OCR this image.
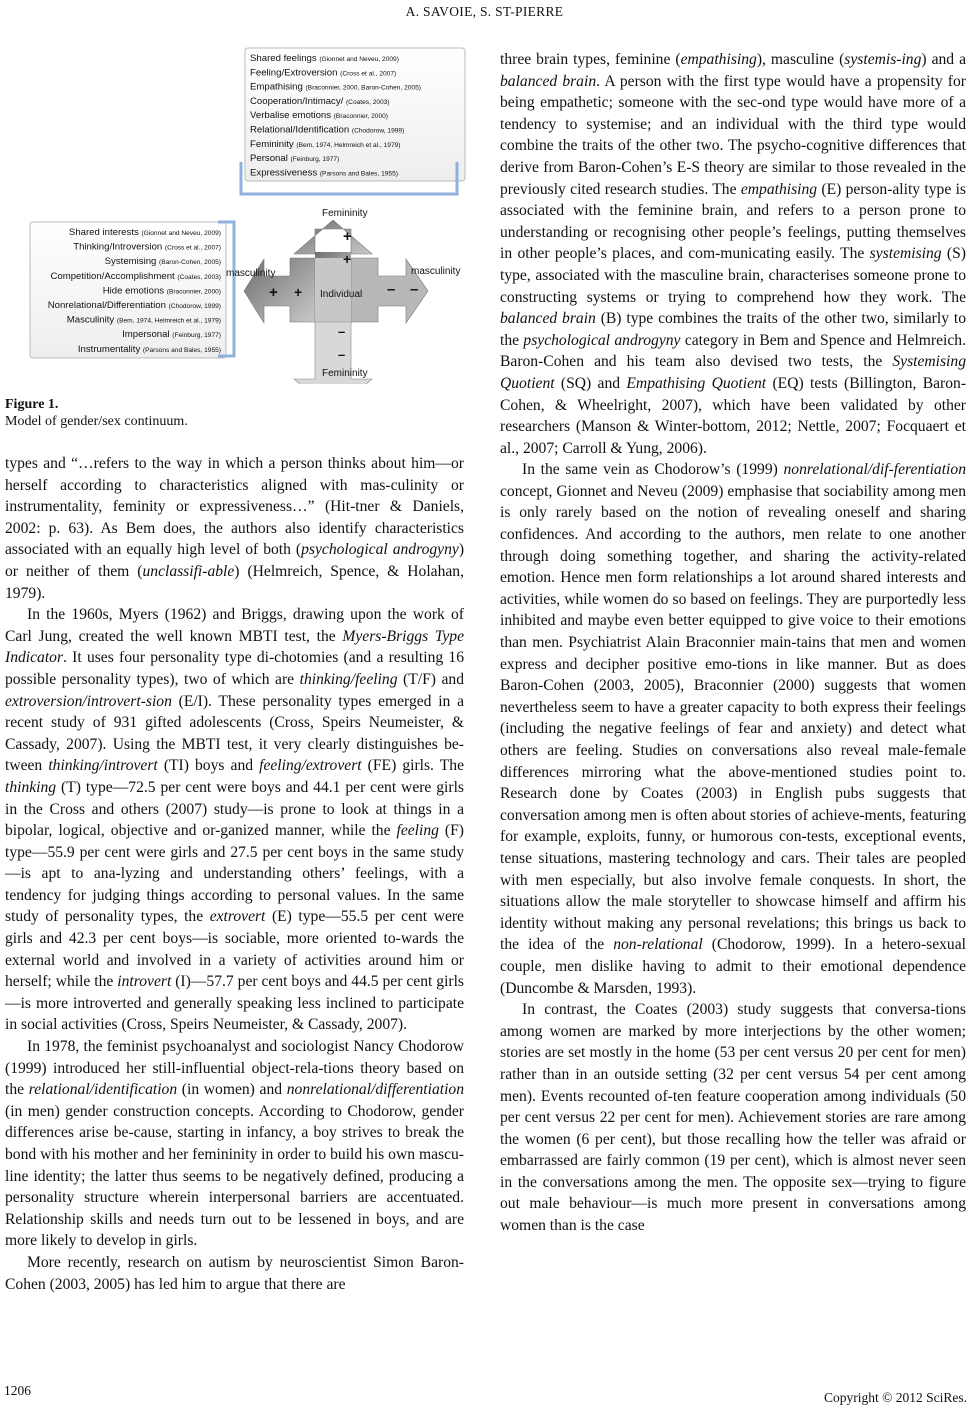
A. SAVOIE, S. ST-PIERRE
Shared feelings (Gionnet and Neveu, 2009)
Feeling/Extroversion (Cross et al., 2007)
Empathising (Braconnier, 2000, Baron-Cohen, 2005)
Cooperation/Intimacy/ (Coates, 2003)
Verbalise emotions (Braconnier, 2000)
Relational/Identification (Chodorow, 1999)
Femininity (Bem, 1974, Helmreich et al., 1979)
Personal (Feinburg, 1977)
Expressiveness (Parsons and Bales, 1955)
Shared interests (Gionnet and Neveu, 2009)
Thinking/Introversion (Cross et al., 2007)
Systemising (Baron-Cohen, 2005)
Competition/Accomplishment (Coates, 2003)
Hide emotions (Braconnier, 2000)
Nonrelational/Differentiation (Chodorow, 1999)
Masculinity (Bem, 1974, Helmreich et al., 1979)
Impersonal (Feinburg, 1977)
Instrumentality (Parsons and Bales, 1955)
Femininity
masculinity	masculinity
Individual
+
+
+ +	– –
–
–
Femininity
Figure 1.
Model of gender/sex continuum.

types and “…refers to the way in which a person thinks about him—or herself according to characteristics aligned with mas-culinity or instrumentality, feminity or expressiveness…” (Hit-tner & Daniels, 2002: p. 63). As Bem does, the authors also identify characteristics associated with an equally high level of both (psychological androgyny) or neither of them (unclassifi-able) (Helmreich, Spence, & Holahan, 1979).

In the 1960s, Myers (1962) and Briggs, drawing upon the work of Carl Jung, created the well known MBTI test, the Myers-Briggs Type Indicator. It uses four personality type di-chotomies (and a resulting 16 possible personality types), two of which are thinking/feeling (T/F) and extroversion/introvert-sion (E/I). These personality types emerged in a recent study of 931 gifted adolescents (Cross, Speirs Neumeister, & Cassady, 2007). Using the MBTI test, it very clearly distinguishes be-tween thinking/introvert (TI) boys and feeling/extrovert (FE) girls. The thinking (T) type—72.5 per cent were boys and 44.1 per cent were girls in the Cross and others (2007) study—is prone to look at things in a bipolar, logical, objective and or-ganized manner, while the feeling (F) type—55.9 per cent were girls and 27.5 per cent boys in the same study—is apt to ana-lyzing and understanding others’ feelings, with a tendency for judging things according to personal values. In the same study of personality types, the extrovert (E) type—55.5 per cent were girls and 42.3 per cent boys—is sociable, more oriented to-wards the external world and involved in a variety of activities around him or herself; while the introvert (I)—57.7 per cent boys and 44.5 per cent girls—is more introverted and generally speaking less inclined to participate in social activities (Cross, Speirs Neumeister, & Cassady, 2007).

In 1978, the feminist psychoanalyst and sociologist Nancy Chodorow (1999) introduced her still-influential object-rela-tions theory based on the relational/identification (in women) and nonrelational/differentiation (in men) gender construction concepts. According to Chodorow, gender differences arise be-cause, starting in infancy, a boy strives to break the bond with his mother and her femininity in order to build his own mascu-line identity; the latter thus seems to be negatively defined, producing a personality structure wherein interpersonal barriers are accentuated. Relationship skills and needs turn out to be lessened in boys, and are more likely to develop in girls.

More recently, research on autism by neuroscientist Simon Baron-Cohen (2003, 2005) has led him to argue that there are

three brain types, feminine (empathising), masculine (systemis-ing) and a balanced brain. A person with the first type would have a propensity for being empathetic; someone with the sec-ond type would have more of a tendency to systemise; and an individual with the third type would combine the traits of the other two. The psycho-cognitive differences that derive from Baron-Cohen’s E-S theory are similar to those revealed in the previously cited research studies. The empathising (E) person-ality type is associated with the feminine brain, and refers to a person prone to understanding or recognising other people’s feelings, putting themselves in other people’s places, and com-municating easily. The systemising (S) type, associated with the masculine brain, characterises someone prone to constructing systems or trying to comprehend how they work. The balanced brain (B) type combines the traits of the other two, similarly to the psychological androgyny category in Bem and Spence and Helmreich. Baron-Cohen and his team also devised two tests, the Systemising Quotient (SQ) and Empathising Quotient (EQ) tests (Billington, Baron-Cohen, & Wheelright, 2007), which have been validated by other researchers (Manson & Winter-bottom, 2012; Nettle, 2007; Focquaert et al., 2007; Carroll & Yung, 2006).

In the same vein as Chodorow’s (1999) nonrelational/dif-ferentiation concept, Gionnet and Neveu (2009) emphasise that sociability among men is only rarely based on the notion of revealing oneself and sharing confidences. And according to the authors, men relate to one another through doing something together, and sharing the activity-related emotion. Hence men form relationships a lot around shared interests and activities, while women do so based on feelings. They are purportedly less inhibited and maybe even better equipped to give voice to their emotions than men. Psychiatrist Alain Braconnier main-tains that men and women express and decipher positive emo-tions in like manner. But as does Baron-Cohen (2003, 2005), Braconnier (2000) suggests that women nevertheless seem to have a greater capacity to both express their feelings (including the negative feelings of fear and anxiety) and detect what others are feeling. Studies on conversations also reveal male-female differences mirroring what the above-mentioned studies point to. Research done by Coates (2003) in English pubs suggests that conversation among men is often about stories of achieve-ments, featuring for example, exploits, funny, or humorous con-tests, exceptional events, tense situations, mastering technology and cars. Their tales are peopled with men especially, but also involve female conquests. In short, the situations allow the male storyteller to showcase himself and affirm his identity without making any personal revelations; this brings us back to the idea of the non-relational (Chodorow, 1999). In a hetero-sexual couple, men dislike having to admit to their emotional dependence (Duncombe & Marsden, 1993).

In contrast, the Coates (2003) study suggests that conversa-tions among women are marked by more interjections by the other women; stories are set mostly in the home (53 per cent versus 20 per cent for men) rather than in an outside setting (32 per cent versus 54 per cent among men). Events recounted of-ten feature cooperation among individuals (50 per cent versus 22 per cent for men). Achievement stories are rare among the women (6 per cent), but those recalling how the teller was afraid or embarrassed are fairly common (19 per cent), which is almost never seen in the conversations among the men. The opposite sex—trying to figure out male behaviour—is much more present in conversations among women than is the case

1206	Copyright © 2012 SciRes.
